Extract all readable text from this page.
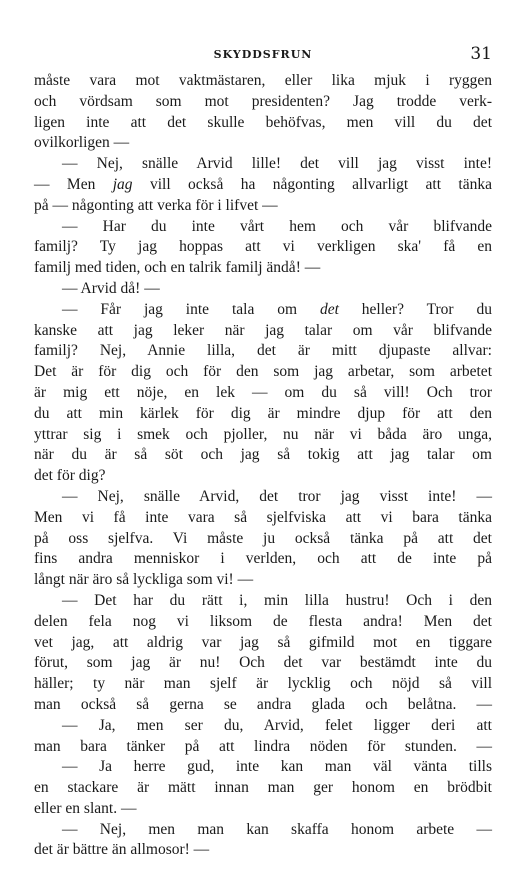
SKYDDSFRUN	31
måste vara mot vaktmästaren, eller lika mjuk i ryggen
och vördsam som mot presidenten? Jag trodde verk-
ligen inte att det skulle behöfvas, men vill du det
ovilkorligen —
— Nej, snälle Arvid lille! det vill jag visst inte!
— Men jag vill också ha någonting allvarligt att tänka
på — någonting att verka för i lifvet —
— Har du inte vårt hem och vår blifvande
familj? Ty jag hoppas att vi verkligen ska' få en
familj med tiden, och en talrik familj ändå! —
— Arvid då! —
— Får jag inte tala om det heller? Tror du
kanske att jag leker när jag talar om vår blifvande
familj? Nej, Annie lilla, det är mitt djupaste allvar:
Det är för dig och för den som jag arbetar, som arbetet
är mig ett nöje, en lek — om du så vill! Och tror
du att min kärlek för dig är mindre djup för att den
yttrar sig i smek och pjoller, nu när vi båda äro unga,
när du är så söt och jag så tokig att jag talar om
det för dig?
— Nej, snälle Arvid, det tror jag visst inte! —
Men vi få inte vara så sjelfviska att vi bara tänka
på oss sjelfva. Vi måste ju också tänka på att det
fins andra menniskor i verlden, och att de inte på
långt när äro så lyckliga som vi! —
— Det har du rätt i, min lilla hustru! Och i den
delen fela nog vi liksom de flesta andra! Men det
vet jag, att aldrig var jag så gifmild mot en tiggare
förut, som jag är nu! Och det var bestämdt inte du
häller; ty när man sjelf är lycklig och nöjd så vill
man också så gerna se andra glada och belåtna. —
— Ja, men ser du, Arvid, felet ligger deri att
man bara tänker på att lindra nöden för stunden. —
— Ja herre gud, inte kan man väl vänta tills
en stackare är mätt innan man ger honom en brödbit
eller en slant. —
— Nej, men man kan skaffa honom arbete —
det är bättre än allmosor! —
